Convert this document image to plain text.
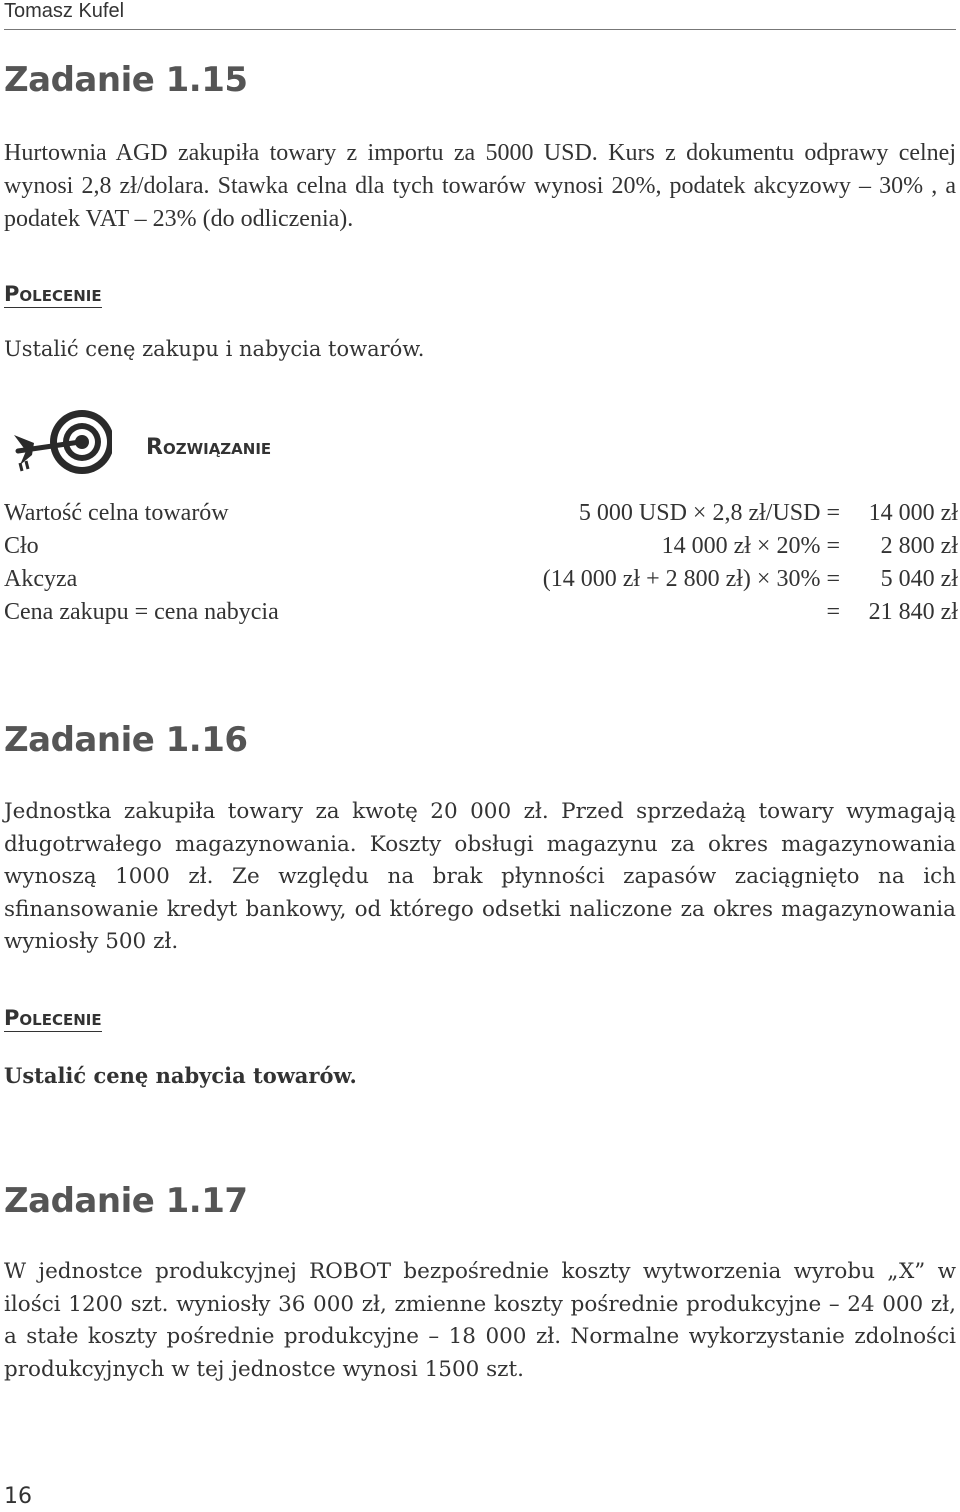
Tomasz Kufel
Zadanie 1.15
Hurtownia AGD zakupiła towary z importu za 5000 USD. Kurs z dokumentu odprawy celnej wynosi 2,8 zł/dolara. Stawka celna dla tych towarów wynosi 20%, podatek akcyzowy – 30% , a podatek VAT – 23% (do odliczenia).
Polecenie
Ustalić cenę zakupu i nabycia towarów.
Rozwiązanie
Wartość celna towarów	5 000 USD × 2,8 zł/USD = 14 000 zł
Cło	14 000 zł × 20% = 2 800 zł
Akcyza	(14 000 zł + 2 800 zł) × 30% = 5 040 zł
Cena zakupu = cena nabycia	= 21 840 zł
Zadanie 1.16
Jednostka zakupiła towary za kwotę 20 000 zł. Przed sprzedażą towary wymagają długotrwałego magazynowania. Koszty obsługi magazynu za okres magazynowania wynoszą 1000 zł. Ze względu na brak płynności zapasów zaciągnięto na ich sfinansowanie kredyt bankowy, od którego odsetki naliczone za okres magazynowania wyniosły 500 zł.
Polecenie
Ustalić cenę nabycia towarów.
Zadanie 1.17
W jednostce produkcyjnej ROBOT bezpośrednie koszty wytworzenia wyrobu „X” w ilości 1200 szt. wyniosły 36 000 zł, zmienne koszty pośrednie produkcyjne – 24 000 zł, a stałe koszty pośrednie produkcyjne – 18 000 zł. Normalne wykorzystanie zdolności produkcyjnych w tej jednostce wynosi 1500 szt.
16
